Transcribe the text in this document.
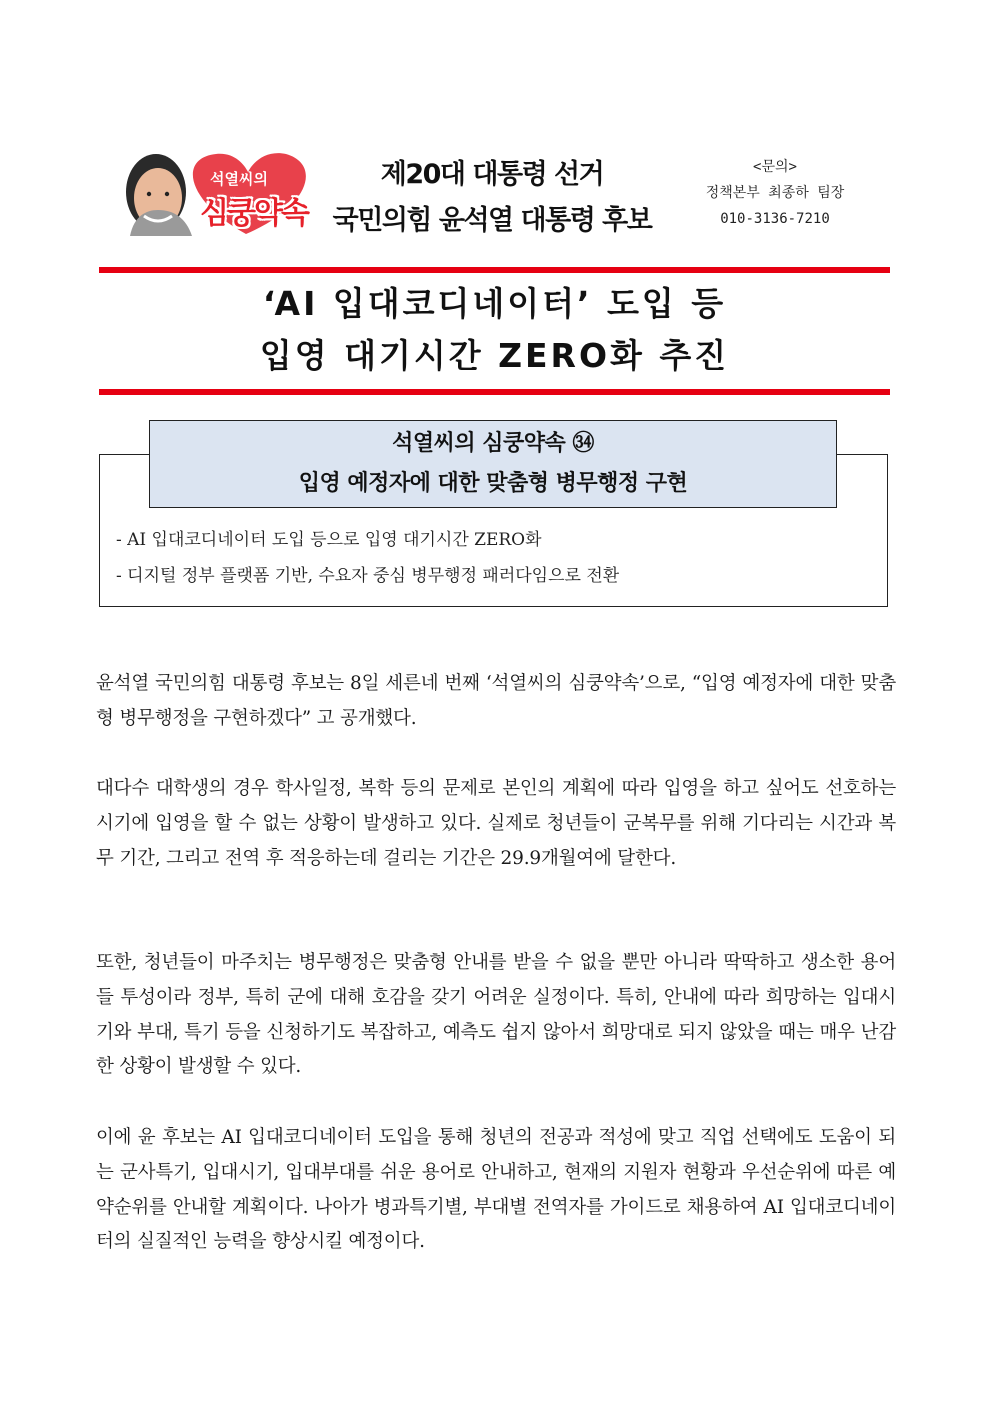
석열씨의
심쿵약속
제20대 대통령 선거
국민의힘 윤석열 대통령 후보
<문의>
정책본부 최종하 팀장
010-3136-7210
‘AI 입대코디네이터’ 도입 등
입영 대기시간 ZERO화 추진
석열씨의 심쿵약속 ㉞
입영 예정자에 대한 맞춤형 병무행정 구현
- AI 입대코디네이터 도입 등으로 입영 대기시간 ZERO화
- 디지털 정부 플랫폼 기반, 수요자 중심 병무행정 패러다임으로 전환

윤석열 국민의힘 대통령 후보는 8일 세른네 번째 ‘석열씨의 심쿵약속’으로, “입영 예정자에 대한 맞춤형 병무행정을 구현하겠다” 고 공개했다.

대다수 대학생의 경우 학사일정, 복학 등의 문제로 본인의 계획에 따라 입영을 하고 싶어도 선호하는 시기에 입영을 할 수 없는 상황이 발생하고 있다. 실제로 청년들이 군복무를 위해 기다리는 시간과 복무 기간, 그리고 전역 후 적응하는데 걸리는 기간은 29.9개월여에 달한다.

또한, 청년들이 마주치는 병무행정은 맞춤형 안내를 받을 수 없을 뿐만 아니라 딱딱하고 생소한 용어들 투성이라 정부, 특히 군에 대해 호감을 갖기 어려운 실정이다. 특히, 안내에 따라 희망하는 입대시기와 부대, 특기 등을 신청하기도 복잡하고, 예측도 쉽지 않아서 희망대로 되지 않았을 때는 매우 난감한 상황이 발생할 수 있다.

이에 윤 후보는 AI 입대코디네이터 도입을 통해 청년의 전공과 적성에 맞고 직업 선택에도 도움이 되는 군사특기, 입대시기, 입대부대를 쉬운 용어로 안내하고, 현재의 지원자 현황과 우선순위에 따른 예약순위를 안내할 계획이다. 나아가 병과특기별, 부대별 전역자를 가이드로 채용하여 AI 입대코디네이터의 실질적인 능력을 향상시킬 예정이다.
